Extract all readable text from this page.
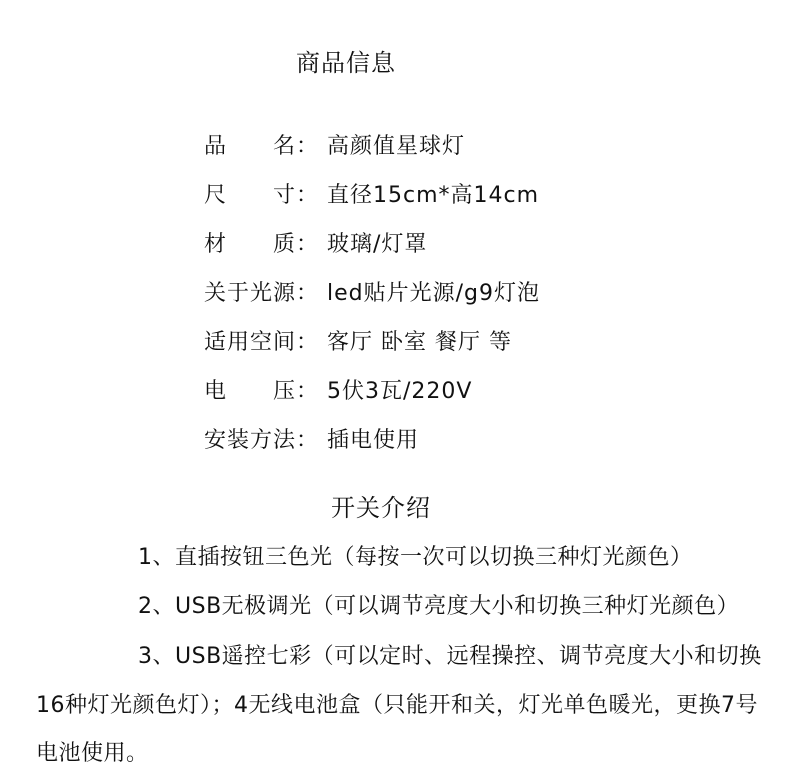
商品信息
品　　名： 高颜值星球灯
尺　　寸： 直径15cm*高14cm
材　　质： 玻璃/灯罩
关于光源： led贴片光源/g9灯泡
适用空间： 客厅 卧室 餐厅 等
电　　压： 5伏3瓦/220V
安装方法： 插电使用
开关介绍
1、直插按钮三色光（每按一次可以切换三种灯光颜色）
2、USB无极调光（可以调节亮度大小和切换三种灯光颜色）
3、USB遥控七彩（可以定时、远程操控、调节亮度大小和切换
16种灯光颜色灯）；4无线电池盒（只能开和关，灯光单色暖光，更换7号
电池使用。
